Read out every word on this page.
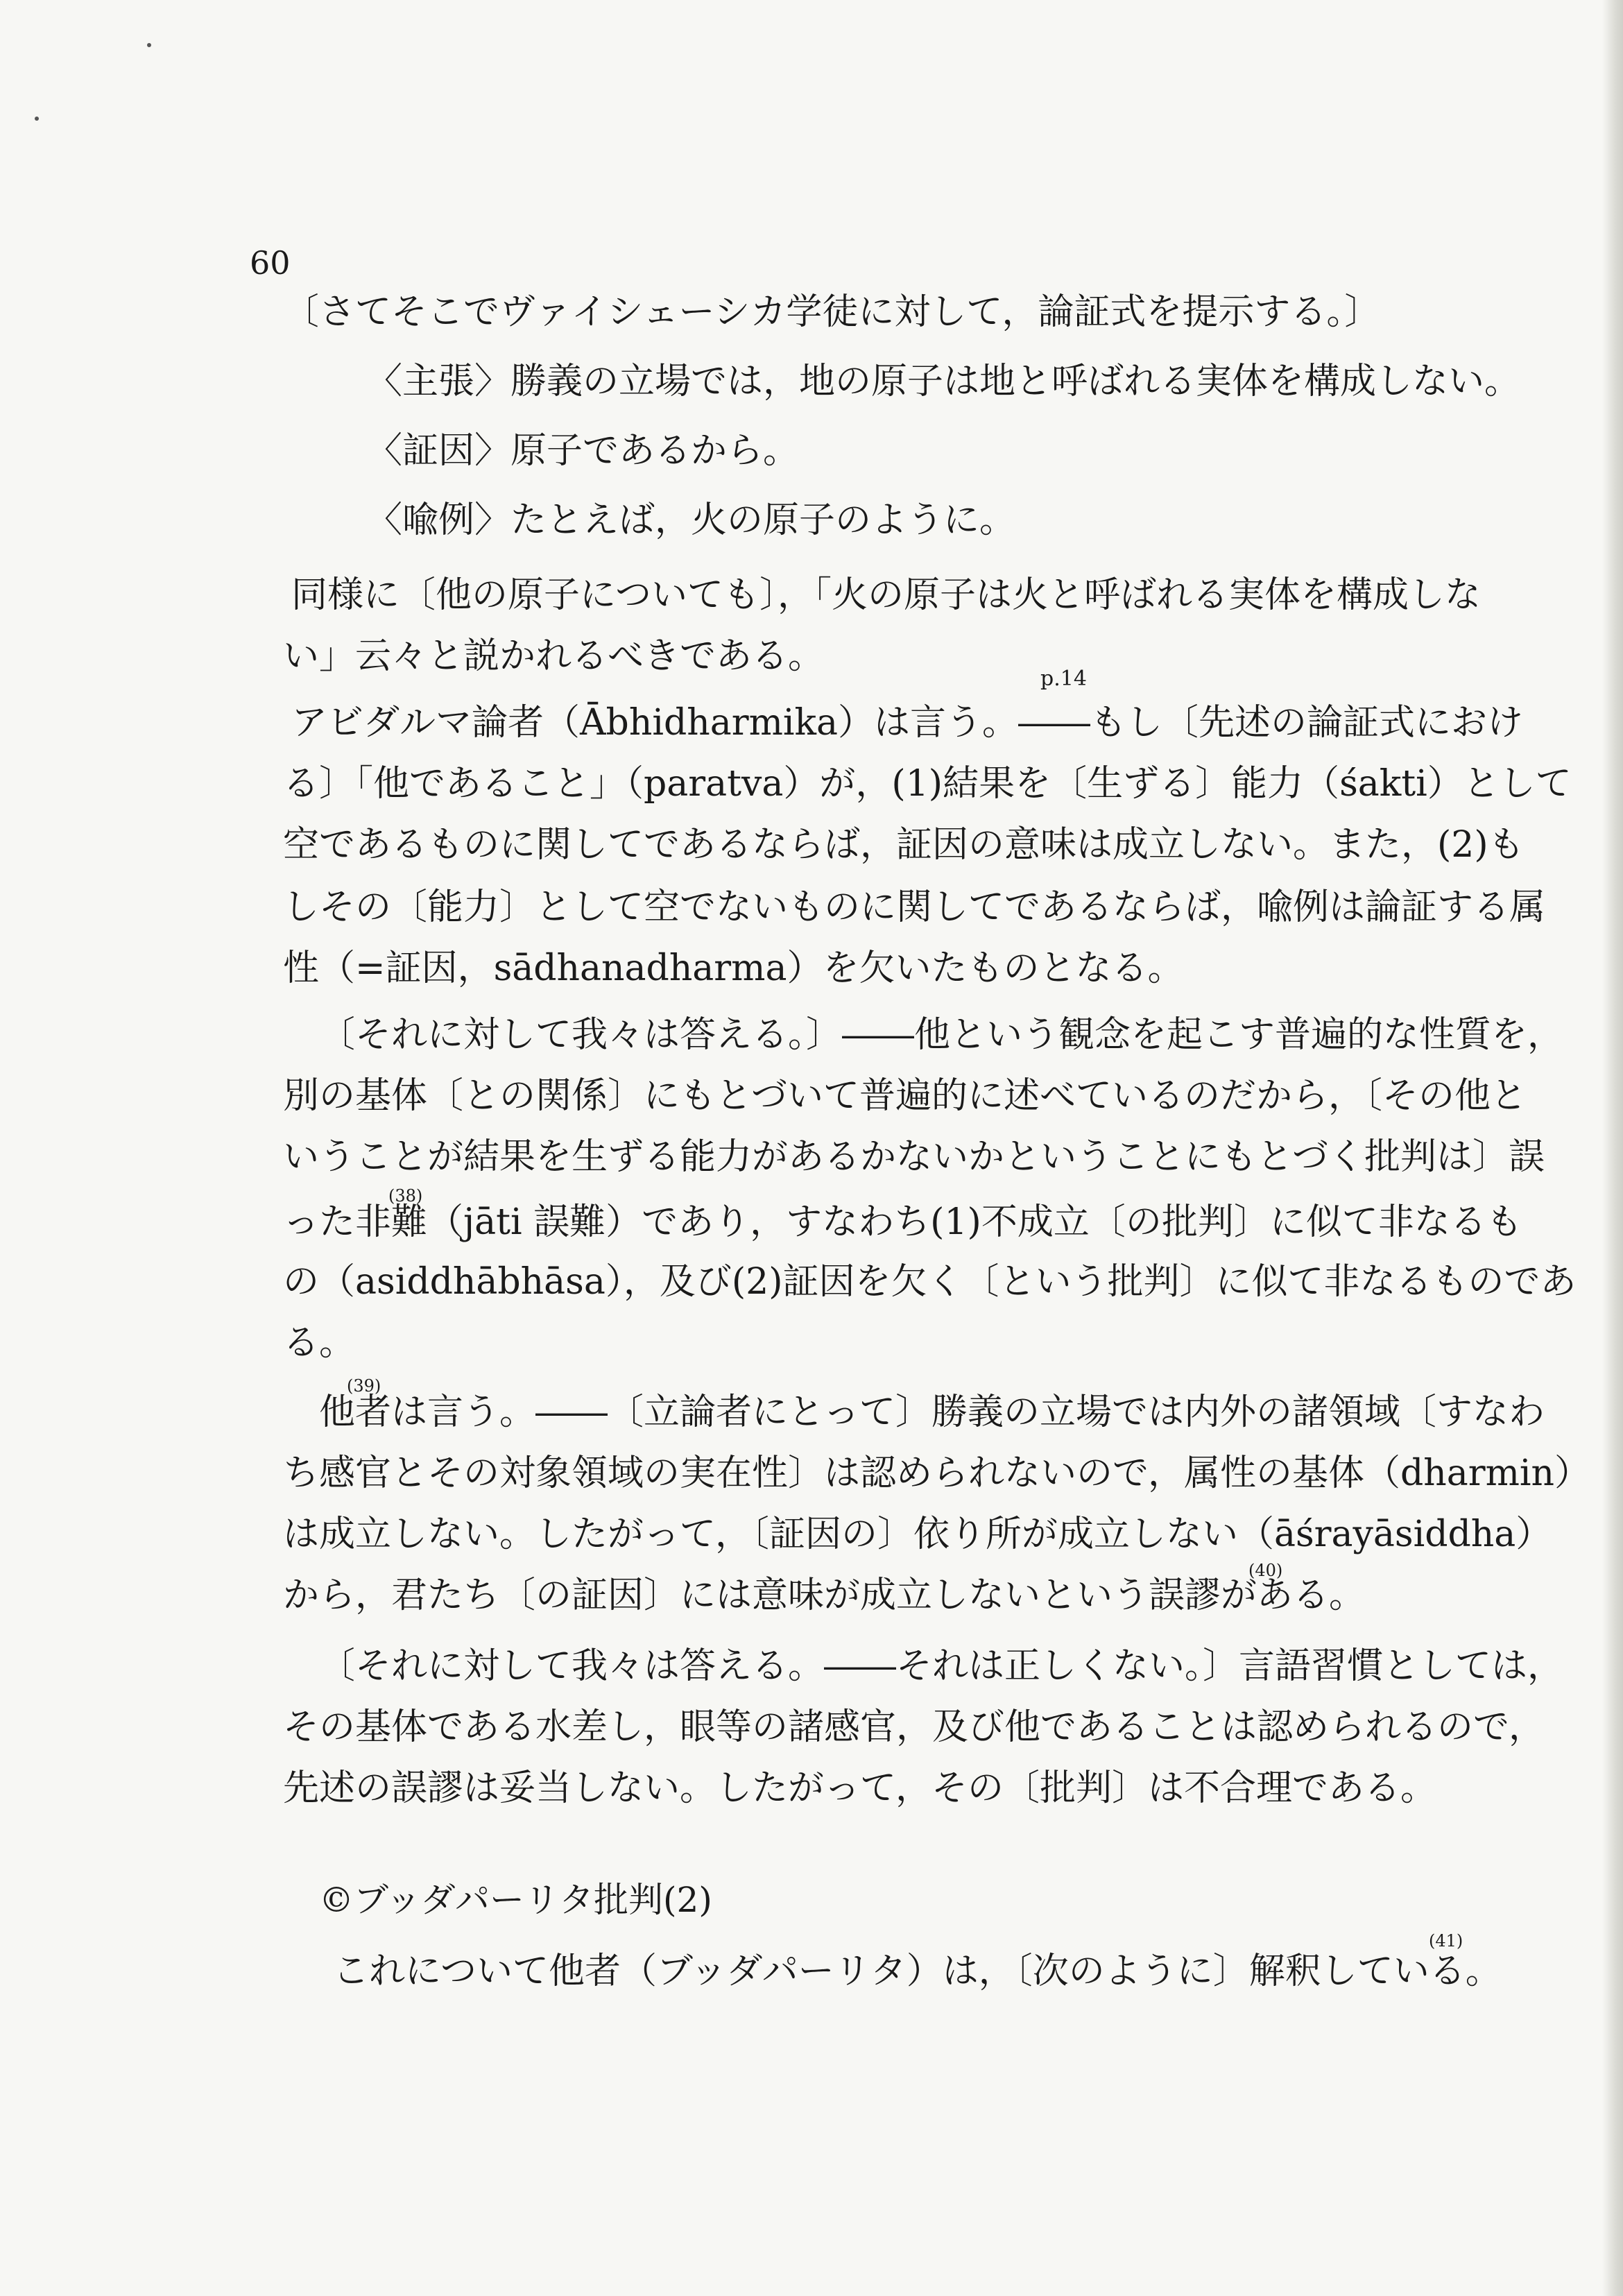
60
〔さてそこでヴァイシェーシカ学徒に対して，論証式を提示する。〕
〈主張〉勝義の立場では，地の原子は地と呼ばれる実体を構成しない。
〈証因〉原子であるから。
〈喩例〉たとえば，火の原子のように。
同様に〔他の原子についても〕，「火の原子は火と呼ばれる実体を構成しな
い」云々と説かれるべきである。
p.14
アビダルマ論者（Ābhidharmika）は言う。――もし〔先述の論証式におけ
る〕「他であること」（paratva）が，(1)結果を〔生ずる〕能力（śakti）として
空であるものに関してであるならば，証因の意味は成立しない。また，(2)も
しその〔能力〕として空でないものに関してであるならば，喩例は論証する属
性（=証因，sādhanadharma）を欠いたものとなる。
〔それに対して我々は答える。〕――他という観念を起こす普遍的な性質を，
別の基体〔との関係〕にもとづいて普遍的に述べているのだから，〔その他と
いうことが結果を生ずる能力があるかないかということにもとづく批判は〕誤
(38)
った非難（jāti 誤難）であり，すなわち(1)不成立〔の批判〕に似て非なるも
の（asiddhābhāsa），及び(2)証因を欠く〔という批判〕に似て非なるものであ
る。
(39)
他者は言う。――〔立論者にとって〕勝義の立場では内外の諸領域〔すなわ
ち感官とその対象領域の実在性〕は認められないので，属性の基体（dharmin）
は成立しない。したがって，〔証因の〕依り所が成立しない（āśrayāsiddha）
(40)
から，君たち〔の証因〕には意味が成立しないという誤謬がある。
〔それに対して我々は答える。――それは正しくない。〕言語習慣としては，
その基体である水差し，眼等の諸感官，及び他であることは認められるので，
先述の誤謬は妥当しない。したがって，その〔批判〕は不合理である。
©ブッダパーリタ批判(2)
(41)
これについて他者（ブッダパーリタ）は，〔次のように〕解釈している。
